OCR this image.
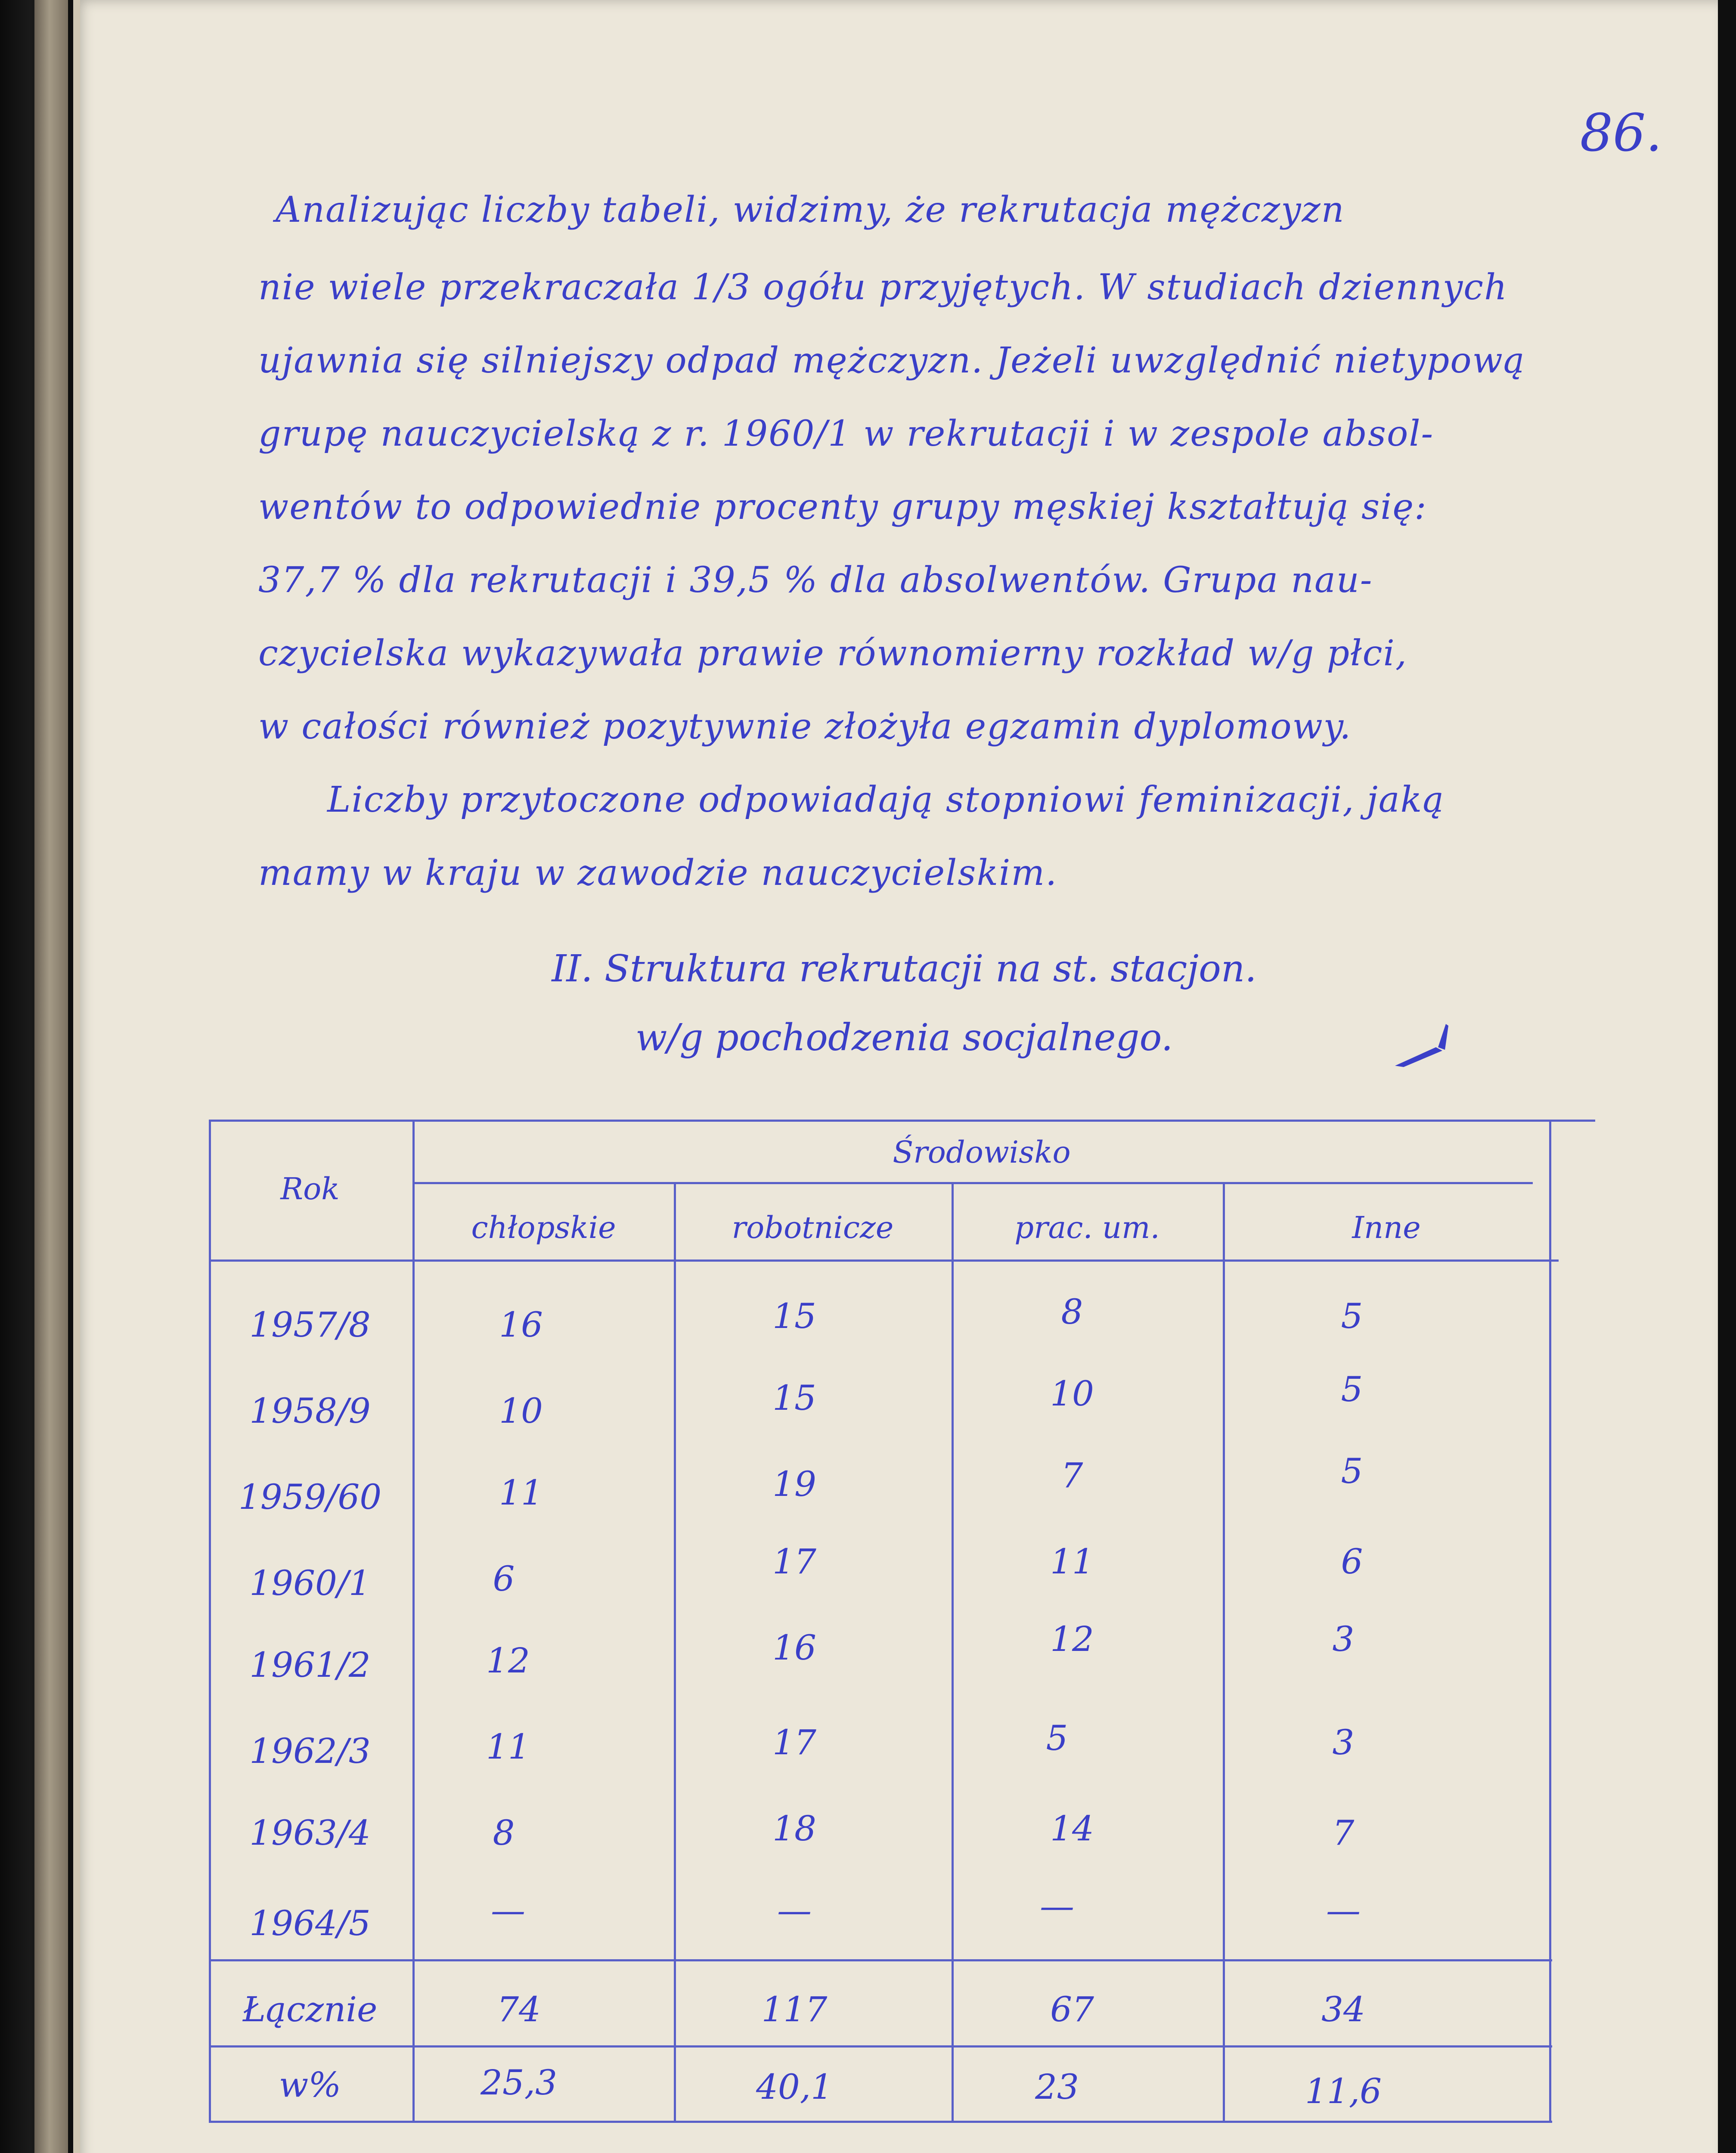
86.
Analizując liczby tabeli, widzimy, że rekrutacja mężczyzn
nie wiele przekraczała 1/3 ogółu przyjętych. W studiach dziennych
ujawnia się silniejszy odpad mężczyzn. Jeżeli uwzględnić nietypową
grupę nauczycielską z r. 1960/1 w rekrutacji i w zespole absol-
wentów to odpowiednie procenty grupy męskiej kształtują się:
37,7 % dla rekrutacji i 39,5 % dla absolwentów. Grupa nau-
czycielska wykazywała prawie równomierny rozkład w/g płci,
w całości również pozytywnie złożyła egzamin dyplomowy.
Liczby przytoczone odpowiadają stopniowi feminizacji, jaką
mamy w kraju w zawodzie nauczycielskim.
II. Struktura rekrutacji na st. stacjon.
w/g pochodzenia socjalnego.
Rok
Środowisko
chłopskie	robotnicze	prac. um.	Inne
1957/8	16	15	8	5
1958/9	10	15	10	5
1959/60	11	19	7	5
1960/1	6	17	11	6
1961/2	12	16	12	3
1962/3	11	17	5	3
1963/4	8	18	14	7
1964/5	—	—	—	—
Łącznie	74	117	67	34
w%	25,3	40,1	23	11,6
